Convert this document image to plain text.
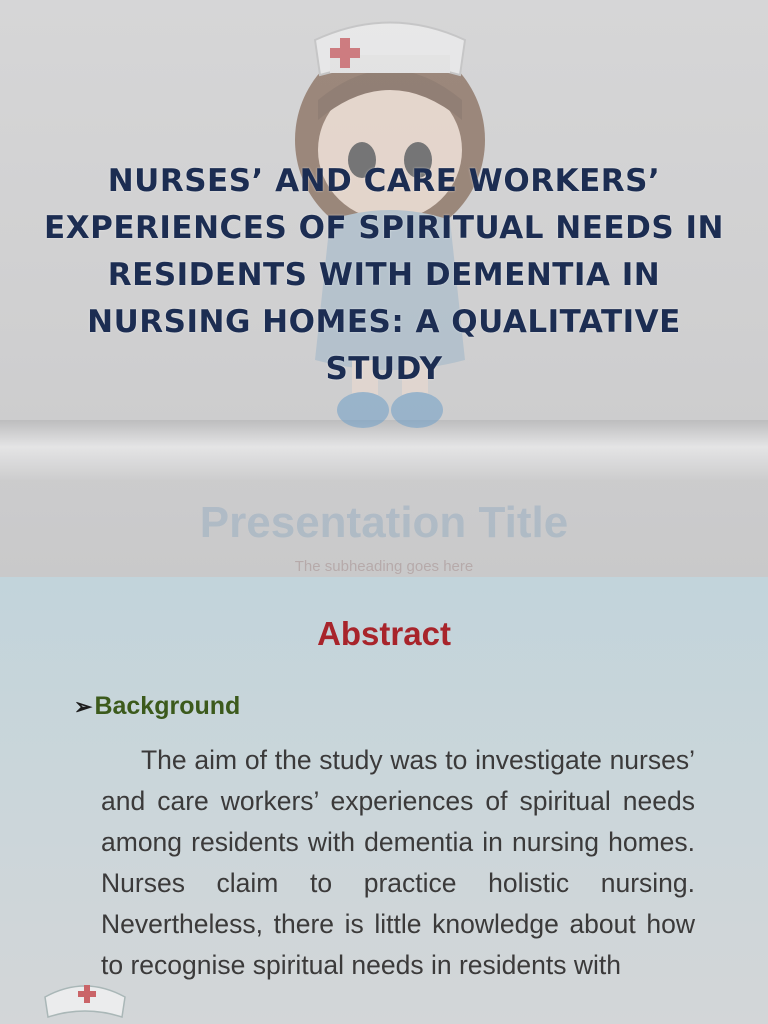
NURSES’ AND CARE WORKERS’ EXPERIENCES OF SPIRITUAL NEEDS IN RESIDENTS WITH DEMENTIA IN NURSING HOMES: A QUALITATIVE STUDY
Presentation Title
The subheading goes here
Abstract
➢Background

The aim of the study was to investigate nurses’ and care workers’ experiences of spiritual needs among residents with dementia in nursing homes. Nurses claim to practice holistic nursing. Nevertheless, there is little knowledge about how to recognise spiritual needs in residents with
